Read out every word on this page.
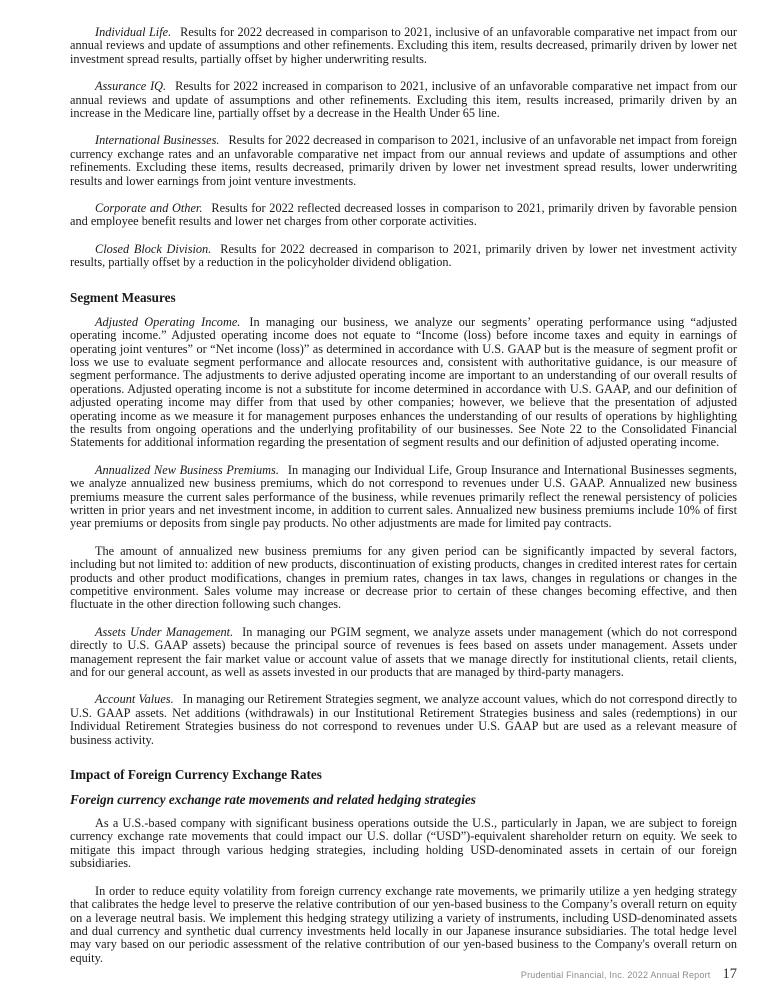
Individual Life. Results for 2022 decreased in comparison to 2021, inclusive of an unfavorable comparative net impact from our annual reviews and update of assumptions and other refinements. Excluding this item, results decreased, primarily driven by lower net investment spread results, partially offset by higher underwriting results.

Assurance IQ. Results for 2022 increased in comparison to 2021, inclusive of an unfavorable comparative net impact from our annual reviews and update of assumptions and other refinements. Excluding this item, results increased, primarily driven by an increase in the Medicare line, partially offset by a decrease in the Health Under 65 line.

International Businesses. Results for 2022 decreased in comparison to 2021, inclusive of an unfavorable net impact from foreign currency exchange rates and an unfavorable comparative net impact from our annual reviews and update of assumptions and other refinements. Excluding these items, results decreased, primarily driven by lower net investment spread results, lower underwriting results and lower earnings from joint venture investments.

Corporate and Other. Results for 2022 reflected decreased losses in comparison to 2021, primarily driven by favorable pension and employee benefit results and lower net charges from other corporate activities.

Closed Block Division. Results for 2022 decreased in comparison to 2021, primarily driven by lower net investment activity results, partially offset by a reduction in the policyholder dividend obligation.

Segment Measures

Adjusted Operating Income. In managing our business, we analyze our segments’ operating performance using “adjusted operating income.” Adjusted operating income does not equate to “Income (loss) before income taxes and equity in earnings of operating joint ventures” or “Net income (loss)” as determined in accordance with U.S. GAAP but is the measure of segment profit or loss we use to evaluate segment performance and allocate resources and, consistent with authoritative guidance, is our measure of segment performance. The adjustments to derive adjusted operating income are important to an understanding of our overall results of operations. Adjusted operating income is not a substitute for income determined in accordance with U.S. GAAP, and our definition of adjusted operating income may differ from that used by other companies; however, we believe that the presentation of adjusted operating income as we measure it for management purposes enhances the understanding of our results of operations by highlighting the results from ongoing operations and the underlying profitability of our businesses. See Note 22 to the Consolidated Financial Statements for additional information regarding the presentation of segment results and our definition of adjusted operating income.

Annualized New Business Premiums. In managing our Individual Life, Group Insurance and International Businesses segments, we analyze annualized new business premiums, which do not correspond to revenues under U.S. GAAP. Annualized new business premiums measure the current sales performance of the business, while revenues primarily reflect the renewal persistency of policies written in prior years and net investment income, in addition to current sales. Annualized new business premiums include 10% of first year premiums or deposits from single pay products. No other adjustments are made for limited pay contracts.

The amount of annualized new business premiums for any given period can be significantly impacted by several factors, including but not limited to: addition of new products, discontinuation of existing products, changes in credited interest rates for certain products and other product modifications, changes in premium rates, changes in tax laws, changes in regulations or changes in the competitive environment. Sales volume may increase or decrease prior to certain of these changes becoming effective, and then fluctuate in the other direction following such changes.

Assets Under Management. In managing our PGIM segment, we analyze assets under management (which do not correspond directly to U.S. GAAP assets) because the principal source of revenues is fees based on assets under management. Assets under management represent the fair market value or account value of assets that we manage directly for institutional clients, retail clients, and for our general account, as well as assets invested in our products that are managed by third-party managers.

Account Values. In managing our Retirement Strategies segment, we analyze account values, which do not correspond directly to U.S. GAAP assets. Net additions (withdrawals) in our Institutional Retirement Strategies business and sales (redemptions) in our Individual Retirement Strategies business do not correspond to revenues under U.S. GAAP but are used as a relevant measure of business activity.

Impact of Foreign Currency Exchange Rates
Foreign currency exchange rate movements and related hedging strategies

As a U.S.-based company with significant business operations outside the U.S., particularly in Japan, we are subject to foreign currency exchange rate movements that could impact our U.S. dollar (“USD”)-equivalent shareholder return on equity. We seek to mitigate this impact through various hedging strategies, including holding USD-denominated assets in certain of our foreign subsidiaries.

In order to reduce equity volatility from foreign currency exchange rate movements, we primarily utilize a yen hedging strategy that calibrates the hedge level to preserve the relative contribution of our yen-based business to the Company’s overall return on equity on a leverage neutral basis. We implement this hedging strategy utilizing a variety of instruments, including USD-denominated assets and dual currency and synthetic dual currency investments held locally in our Japanese insurance subsidiaries. The total hedge level may vary based on our periodic assessment of the relative contribution of our yen-based business to the Company's overall return on equity.

Prudential Financial, Inc. 2022 Annual Report 17
